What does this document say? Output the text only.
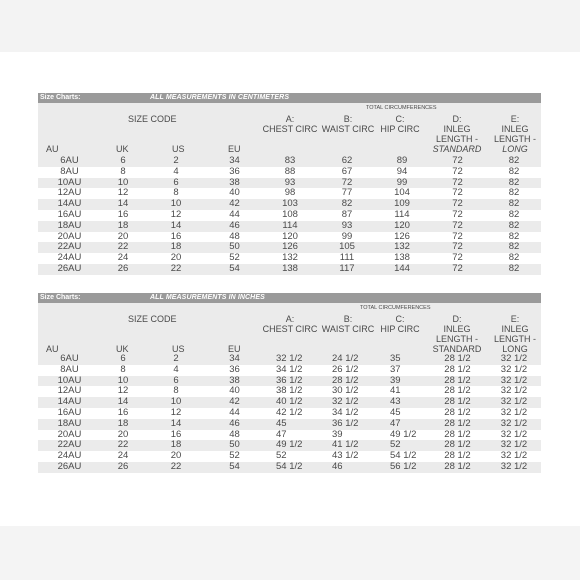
Size Charts:	ALL MEASUREMENTS IN CENTIMETERS
TOTAL CIRCUMFERENCES
SIZE CODE	A:
CHEST CIRC
B:
WAIST CIRC
C:
HIP CIRC
D:
INLEG
LENGTH -
STANDARD
E:
INLEG
LENGTH -
LONG
AU	UK	US	EU
6AU	6	2	34	83	62	89	72	82
8AU	8	4	36	88	67	94	72	82
10AU	10	6	38	93	72	99	72	82
12AU	12	8	40	98	77	104	72	82
14AU	14	10	42	103	82	109	72	82
16AU	16	12	44	108	87	114	72	82
18AU	18	14	46	114	93	120	72	82
20AU	20	16	48	120	99	126	72	82
22AU	22	18	50	126	105	132	72	82
24AU	24	20	52	132	111	138	72	82
26AU	26	22	54	138	117	144	72	82
Size Charts:	ALL MEASUREMENTS IN INCHES
TOTAL CIRCUMFERENCES
SIZE CODE	A:
CHEST CIRC
B:
WAIST CIRC
C:
HIP CIRC
D:
INLEG
LENGTH -
STANDARD
E:
INLEG
LENGTH -
LONG
AU	UK	US	EU
6AU	6	2	34	32 1/2	24 1/2	35	28 1/2	32 1/2
8AU	8	4	36	34 1/2	26 1/2	37	28 1/2	32 1/2
10AU	10	6	38	36 1/2	28 1/2	39	28 1/2	32 1/2
12AU	12	8	40	38 1/2	30 1/2	41	28 1/2	32 1/2
14AU	14	10	42	40 1/2	32 1/2	43	28 1/2	32 1/2
16AU	16	12	44	42 1/2	34 1/2	45	28 1/2	32 1/2
18AU	18	14	46	45	36 1/2	47	28 1/2	32 1/2
20AU	20	16	48	47	39	49 1/2	28 1/2	32 1/2
22AU	22	18	50	49 1/2	41 1/2	52	28 1/2	32 1/2
24AU	24	20	52	52	43 1/2	54 1/2	28 1/2	32 1/2
26AU	26	22	54	54 1/2	46	56 1/2	28 1/2	32 1/2
